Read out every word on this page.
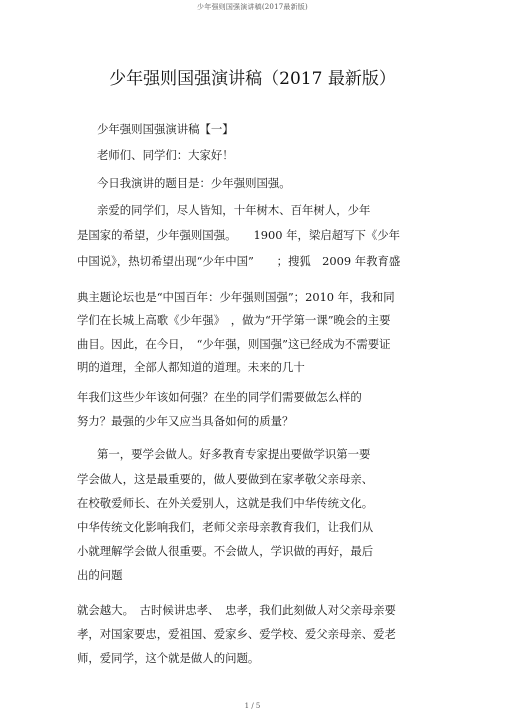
少年强则国强演讲稿(2017最新版)
少年强则国强演讲稿（2017 最新版）
少年强则国强演讲稿【一】
老师们、同学们：大家好！
今日我演讲的题目是：少年强则国强。
亲爱的同学们，尽人皆知，十年树木、百年树人，少年
是国家的希望，少年强则国强。　　1900 年，梁启超写下《少年
中国说》，热切希望出现“少年中国”　　；搜狐　2009 年教育盛
典主题论坛也是“中国百年：少年强则国强”；2010 年，我和同
学们在长城上高歌《少年强》　，做为“开学第一课”晚会的主要
曲目。因此，在今日，　“少年强，则国强”这已经成为不需要证
明的道理，全部人都知道的道理。未来的几十
年我们这些少年该如何强？在坐的同学们需要做怎么样的
努力？最强的少年又应当具备如何的质量？
第一，要学会做人。好多教育专家提出要做学识第一要
学会做人，这是最重要的，做人要做到在家孝敬父亲母亲、
在校敬爱师长、在外关爱别人，这就是我们中华传统文化。
中华传统文化影响我们，老师父亲母亲教育我们，让我们从
小就理解学会做人很重要。不会做人，学识做的再好，最后
出的问题
就会越大。　古时候讲忠孝、　忠孝，我们此刻做人对父亲母亲要
孝，对国家要忠，爱祖国、爱家乡、爱学校、爱父亲母亲、爱老
师，爱同学，这个就是做人的问题。
1 / 5
